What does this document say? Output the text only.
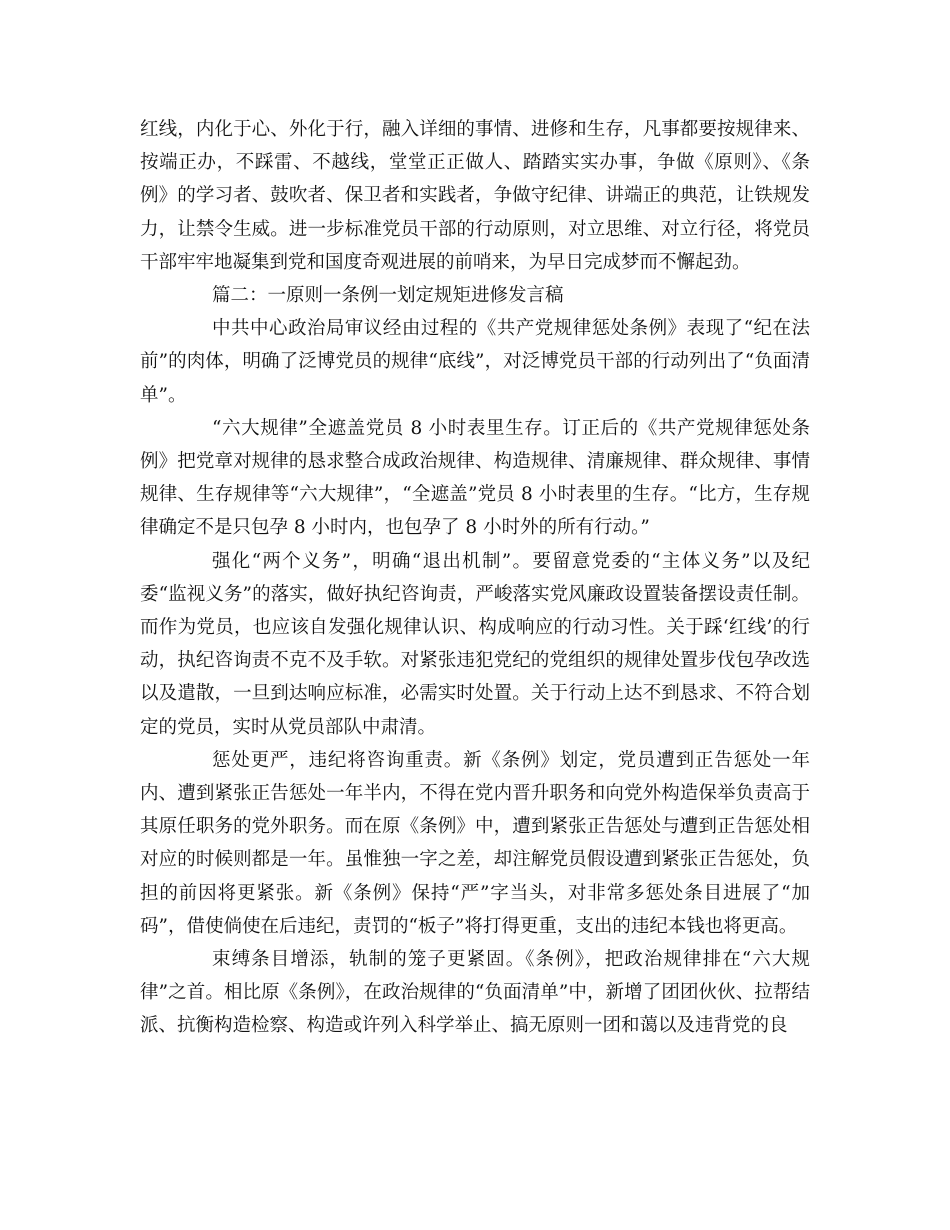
红线，内化于心、外化于行，融入详细的事情、进修和生存，凡事都要按规律来、按端正办，不踩雷、不越线，堂堂正正做人、踏踏实实办事，争做《原则》、《条例》的学习者、鼓吹者、保卫者和实践者，争做守纪律、讲端正的典范，让铁规发力，让禁令生威。进一步标准党员干部的行动原则，对立思维、对立行径，将党员干部牢牢地凝集到党和国度奇观进展的前哨来，为早日完成梦而不懈起劲。

篇二：一原则一条例一划定规矩进修发言稿

中共中心政治局审议经由过程的《共产党规律惩处条例》表现了“纪在法前”的肉体，明确了泛博党员的规律“底线”，对泛博党员干部的行动列出了“负面清单”。

“六大规律”全遮盖党员 8 小时表里生存。订正后的《共产党规律惩处条例》把党章对规律的恳求整合成政治规律、构造规律、清廉规律、群众规律、事情规律、生存规律等“六大规律”，“全遮盖”党员 8 小时表里的生存。“比方，生存规律确定不是只包孕 8 小时内，也包孕了 8 小时外的所有行动。”

强化“两个义务”，明确“退出机制”。要留意党委的“主体义务”以及纪委“监视义务”的落实，做好执纪咨询责，严峻落实党风廉政设置装备摆设责任制。而作为党员，也应该自发强化规律认识、构成响应的行动习性。关于踩‘红线’的行动，执纪咨询责不克不及手软。对紧张违犯党纪的党组织的规律处置步伐包孕改选以及遣散，一旦到达响应标准，必需实时处置。关于行动上达不到恳求、不符合划定的党员，实时从党员部队中肃清。

惩处更严，违纪将咨询重责。新《条例》划定，党员遭到正告惩处一年内、遭到紧张正告惩处一年半内，不得在党内晋升职务和向党外构造保举负责高于其原任职务的党外职务。而在原《条例》中，遭到紧张正告惩处与遭到正告惩处相对应的时候则都是一年。虽惟独一字之差，却注解党员假设遭到紧张正告惩处，负担的前因将更紧张。新《条例》保持“严”字当头，对非常多惩处条目进展了“加码”，借使倘使在后违纪，责罚的“板子”将打得更重，支出的违纪本钱也将更高。

束缚条目增添，轨制的笼子更紧固。《条例》，把政治规律排在“六大规律”之首。相比原《条例》，在政治规律的“负面清单”中，新增了团团伙伙、拉帮结派、抗衡构造检察、构造或许列入科学举止、搞无原则一团和蔼以及违背党的良
